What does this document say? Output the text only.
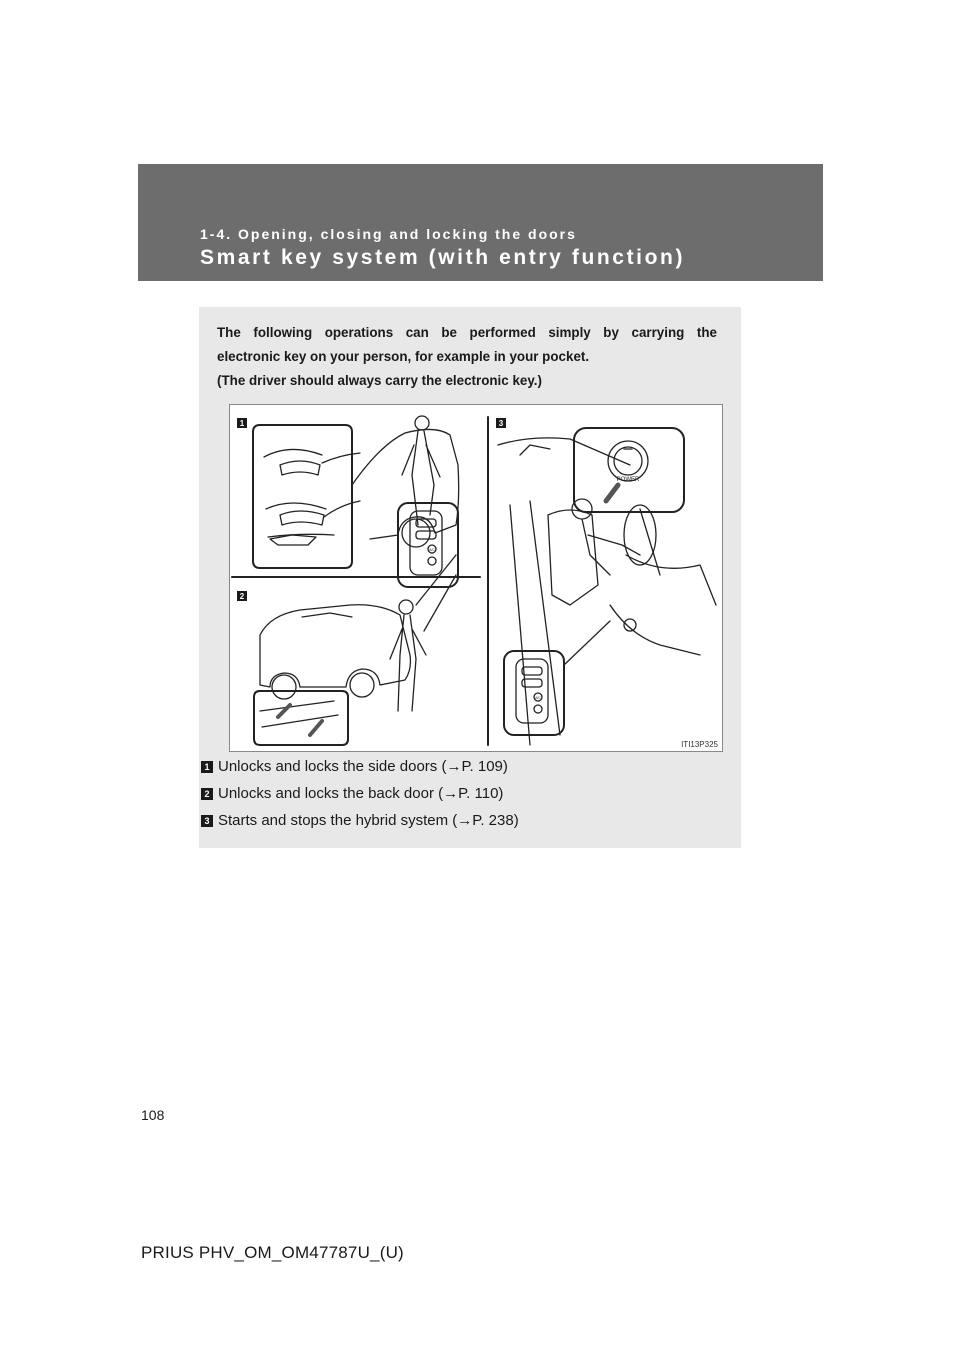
1-4. Opening, closing and locking the doors
Smart key system (with entry function)

The following operations can be performed simply by carrying the

electronic key on your person, for example in your pocket.

(The driver should always carry the electronic key.)

1
2
3
POWER
A/C
A/C
ITI13P325
1 Unlocks and locks the side doors (→P. 109)
2 Unlocks and locks the back door (→P. 110)
3 Starts and stops the hybrid system (→P. 238)
108
PRIUS PHV_OM_OM47787U_(U)
